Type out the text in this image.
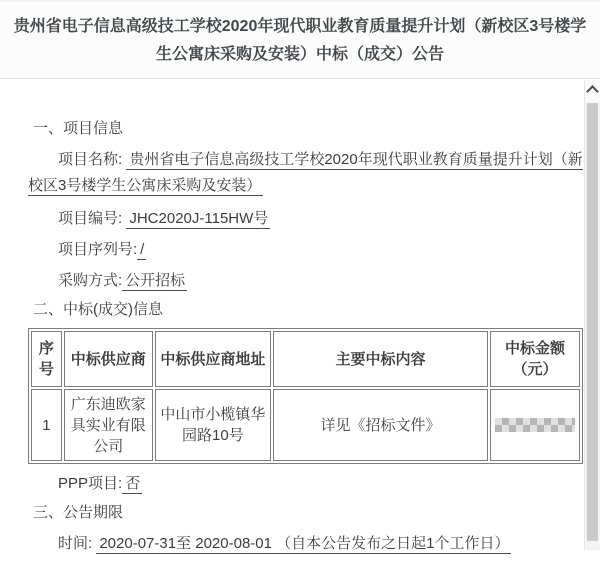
贵州省电子信息高级技工学校2020年现代职业教育质量提升计划（新校区3号楼学生公寓床采购及安装）中标（成交）公告

一、项目信息

项目名称: 贵州省电子信息高级技工学校2020年现代职业教育质量提升计划（新校区3号楼学生公寓床采购及安装）

项目编号: JHC2020J-115HW号

项目序列号: /

采购方式: 公开招标

二、中标(成交)信息

序号	中标供应商	中标供应商地址	主要中标内容	中标金额（元）
1	广东迪欧家具实业有限公司	中山市小榄镇华园路10号	详见《招标文件》	

PPP项目: 否

三、公告期限

时间: 2020-07-31至 2020-08-01 （自本公告发布之日起1个工作日）
